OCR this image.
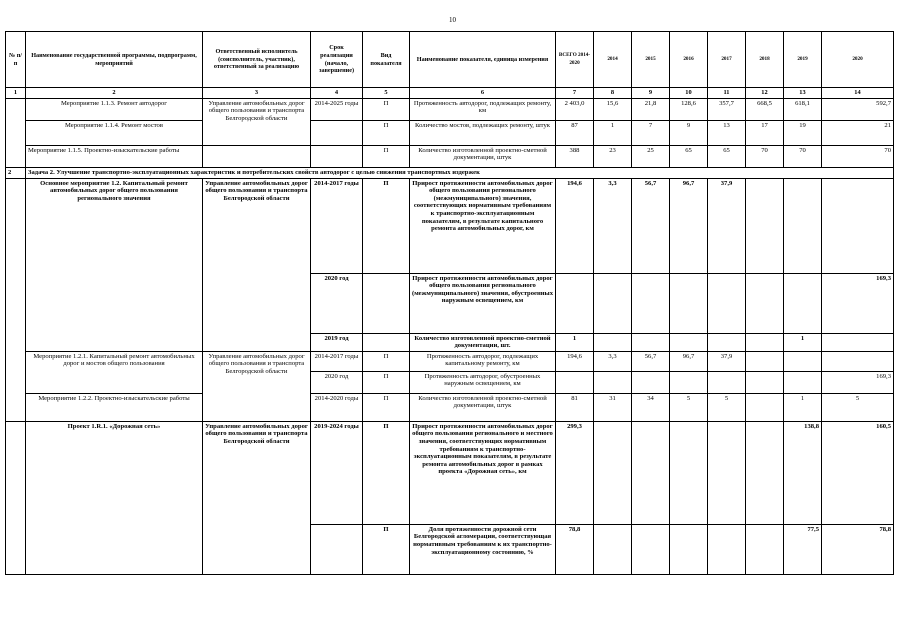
10
№ п/п	Наименование государственной программы, подпрограмм, мероприятий	Ответственный исполнитель (соисполнитель, участник), ответственный за реализацию	Срок реализации (начало, завершение)	Вид показателя	Наименование показателя, единица измерения	ВСЕГО 2014-2020	2014	2015	2016	2017	2018	2019	2020

1	2	3	4	5	6	7	8	9	10	11	12	13	14
	Мероприятие 1.1.3. Ремонт автодорог	Управление автомобильных дорог общего пользования и транспорта Белгородской области	2014-2025 годы	П	Протяженность автодорог, подлежащих ремонту, км	2 403,0	15,6	21,8	128,6	357,7	668,5	618,1	592,7
	Мероприятие 1.1.4. Ремонт мостов			П	Количество мостов, подлежащих ремонту, штук	87	1	7	9	13	17	19	21
	Мероприятие 1.1.5. Проектно-изыскательские работы			П	Количество изготовленной проектно-сметной документации, штук	388	23	25	65	65	70	70	70
2	Задача 2. Улучшение транспортно-эксплуатационных характеристик и потребительских свойств автодорог с целью снижения транспортных издержек												
	Основное мероприятие 1.2. Капитальный ремонт автомобильных дорог общего пользования регионального значения	Управление автомобильных дорог общего пользования и транспорта Белгородской области	2014-2017 годы	П	Прирост протяженности автомобильных дорог общего пользования регионального (межмуниципального) значения, соответствующих нормативным требованиям к транспортно-эксплуатационным показателям, в результате капитального ремонта автомобильных дорог, км	194,6	3,3	56,7	96,7	37,9			
			2020 год		Прирост протяженности автомобильных дорог общего пользования регионального (межмуниципального) значения, обустроенных наружным освещением, км								169,3
			2019 год		Количество изготовленной проектно-сметной документации, шт.	1						1	
	Мероприятие 1.2.1. Капитальный ремонт автомобильных дорог и мостов общего пользования	Управление автомобильных дорог общего пользования и транспорта Белгородской области	2014-2017 годы	П	Протяженность автодорог, подлежащих капитальному ремонту, км	194,6	3,3	56,7	96,7	37,9			
			2020 год	П	Протяженность автодорог, обустроенных наружным освещением, км								169,3
	Мероприятие 1.2.2. Проектно-изыскательские работы		2014-2020 годы	П	Количество изготовленной проектно-сметной документации, штук	81	31	34	5	5		1	5
	Проект 1.R.1. «Дорожная сеть»	Управление автомобильных дорог общего пользования и транспорта Белгородской области	2019-2024 годы	П	Прирост протяженности автомобильных дорог общего пользования регионального и местного значения, соответствующих нормативным требованиям к транспортно-эксплуатационным показателям, в результате ремонта автомобильных дорог в рамках проекта «Дорожная сеть», км	299,3						138,8	160,5
				П	Доля протяженности дорожной сети Белгородской агломерации, соответствующая нормативным требованиям к их транспортно-эксплуатационному состоянию, %	78,8						77,5	78,8
